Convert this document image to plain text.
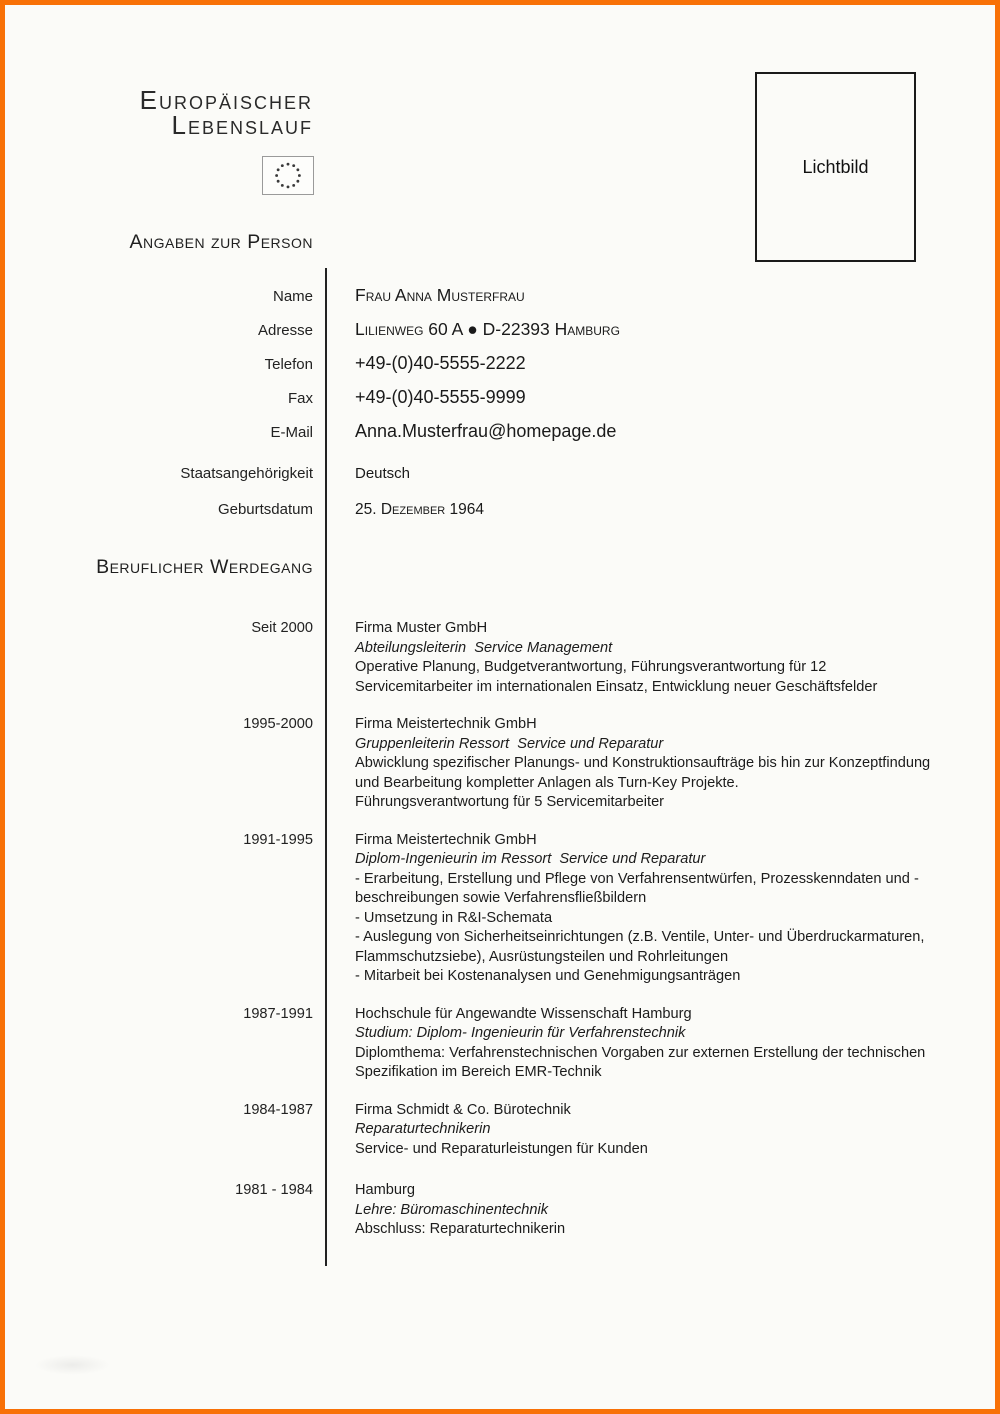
Europäischer
Lebenslauf
Lichtbild
Angaben zur Person
Name Frau Anna Musterfrau
Adresse Lilienweg 60 A ● D-22393 Hamburg
Telefon +49-(0)40-5555-2222
Fax +49-(0)40-5555-9999
E-Mail Anna.Musterfrau@homepage.de
Staatsangehörigkeit	Deutsch
Geburtsdatum	25. Dezember 1964
Beruflicher Werdegang
Seit 2000	Firma Muster GmbH
Abteilungsleiterin  Service Management
Operative Planung, Budgetverantwortung, Führungsverantwortung für 12 Servicemitarbeiter im internationalen Einsatz, Entwicklung neuer Geschäftsfelder
1995-2000	Firma Meistertechnik GmbH
Gruppenleiterin Ressort  Service und Reparatur
Abwicklung spezifischer Planungs- und Konstruktionsaufträge bis hin zur Konzeptfindung und Bearbeitung kompletter Anlagen als Turn-Key Projekte.
Führungsverantwortung für 5 Servicemitarbeiter
1991-1995	Firma Meistertechnik GmbH
Diplom-Ingenieurin im Ressort  Service und Reparatur
- Erarbeitung, Erstellung und Pflege von Verfahrensentwürfen, Prozesskenndaten und - beschreibungen sowie Verfahrensfließbildern
- Umsetzung in R&I-Schemata
- Auslegung von Sicherheitseinrichtungen (z.B. Ventile, Unter- und Überdruckarmaturen, Flammschutzsiebe), Ausrüstungsteilen und Rohrleitungen
- Mitarbeit bei Kostenanalysen und Genehmigungsanträgen
1987-1991	Hochschule für Angewandte Wissenschaft Hamburg
Studium: Diplom- Ingenieurin für Verfahrenstechnik
Diplomthema: Verfahrenstechnischen Vorgaben zur externen Erstellung der technischen Spezifikation im Bereich EMR-Technik
1984-1987	Firma Schmidt & Co. Bürotechnik
Reparaturtechnikerin
Service- und Reparaturleistungen für Kunden
1981 - 1984	Hamburg
Lehre: Büromaschinentechnik
Abschluss: Reparaturtechnikerin
